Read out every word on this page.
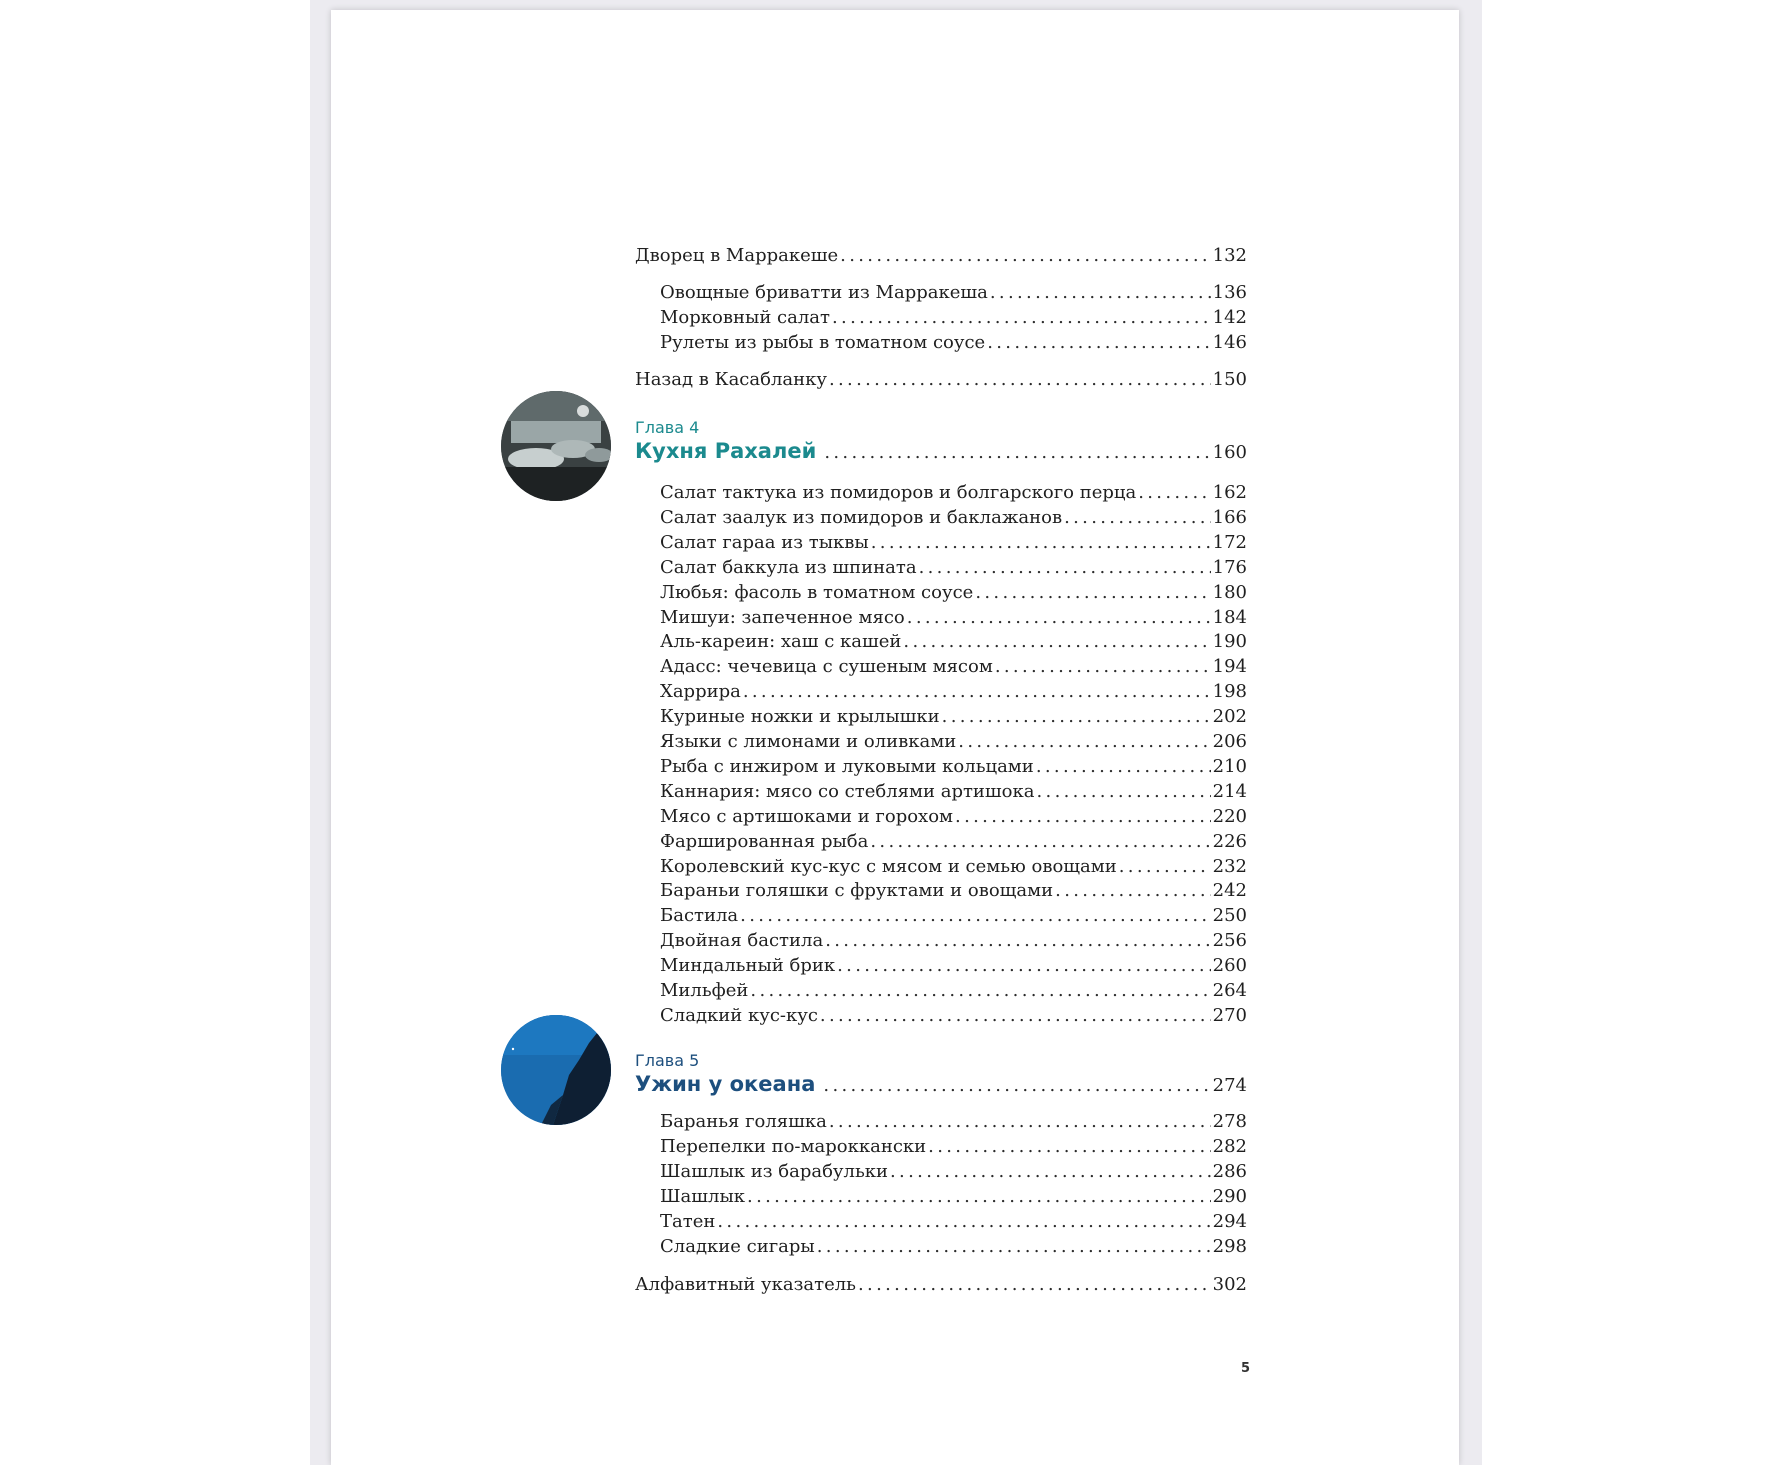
Дворец в Марракеше . . .	132
Овощные бриватти из Марракеша . . .	136
Морковный салат . . .	142
Рулеты из рыбы в томатном соусе . . .	146
Назад в Касабланку . . .	150
Глава 4
Кухня Рахалей . . .	160
Салат тактука из помидоров и болгарского перца . . .	162
Салат заалук из помидоров и баклажанов . . .	166
Салат гараа из тыквы . . .	172
Салат баккула из шпината . . .	176
Любья: фасоль в томатном соусе . . .	180
Мишуи: запеченное мясо . . .	184
Аль-кареин: хаш с кашей . . .	190
Адасс: чечевица с сушеным мясом . . .	194
Харрира . . .	198
Куриные ножки и крылышки . . .	202
Языки с лимонами и оливками . . .	206
Рыба с инжиром и луковыми кольцами . . .	210
Каннария: мясо со стеблями артишока . . .	214
Мясо с артишоками и горохом . . .	220
Фаршированная рыба . . .	226
Королевский кус-кус с мясом и семью овощами . . .	232
Бараньи голяшки с фруктами и овощами . . .	242
Бастила . . .	250
Двойная бастила . . .	256
Миндальный брик . . .	260
Мильфей . . .	264
Сладкий кус-кус . . .	270
Глава 5
Ужин у океана . . .	274
Баранья голяшка . . .	278
Перепелки по-мароккански . . .	282
Шашлык из барабульки . . .	286
Шашлык . . .	290
Татен . . .	294
Сладкие сигары . . .	298
Алфавитный указатель . . .	302
5
